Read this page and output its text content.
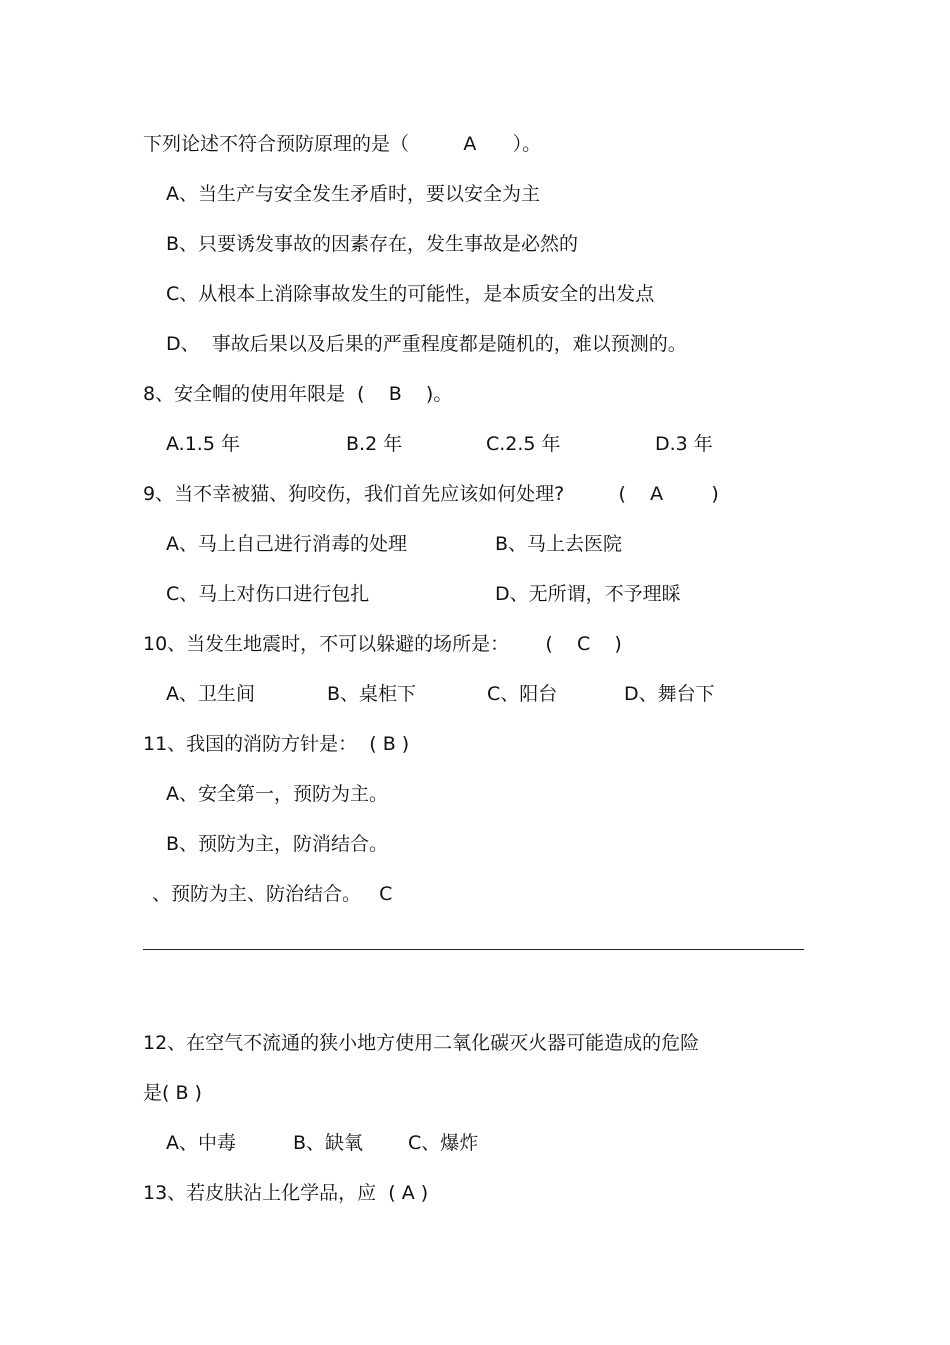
下列论述不符合预防原理的是（         A      ）。
A、当生产与安全发生矛盾时，要以安全为主
B、只要诱发事故的因素存在，发生事故是必然的
C、从根本上消除事故发生的可能性，是本质安全的出发点
D、  事故后果以及后果的严重程度都是随机的，难以预测的。
8、安全帽的使用年限是  (    B    )。
A.1.5 年	B.2 年	C.2.5 年	D.3 年
9、当不幸被猫、狗咬伤，我们首先应该如何处理?         (    A        )
A、马上自己进行消毒的处理	B、马上去医院
C、马上对伤口进行包扎	D、无所谓，不予理睬
10、当发生地震时，不可以躲避的场所是：      (    C    )
A、卫生间	B、桌柜下	C、阳台	D、舞台下
11、我国的消防方针是：  ( B )
A、安全第一，预防为主。
B、预防为主，防消结合。
、预防为主、防治结合。   C
12、在空气不流通的狭小地方使用二氧化碳灭火器可能造成的危险
是( B )
A、中毒	B、缺氧 C、爆炸
13、若皮肤沾上化学品，应  ( A )
